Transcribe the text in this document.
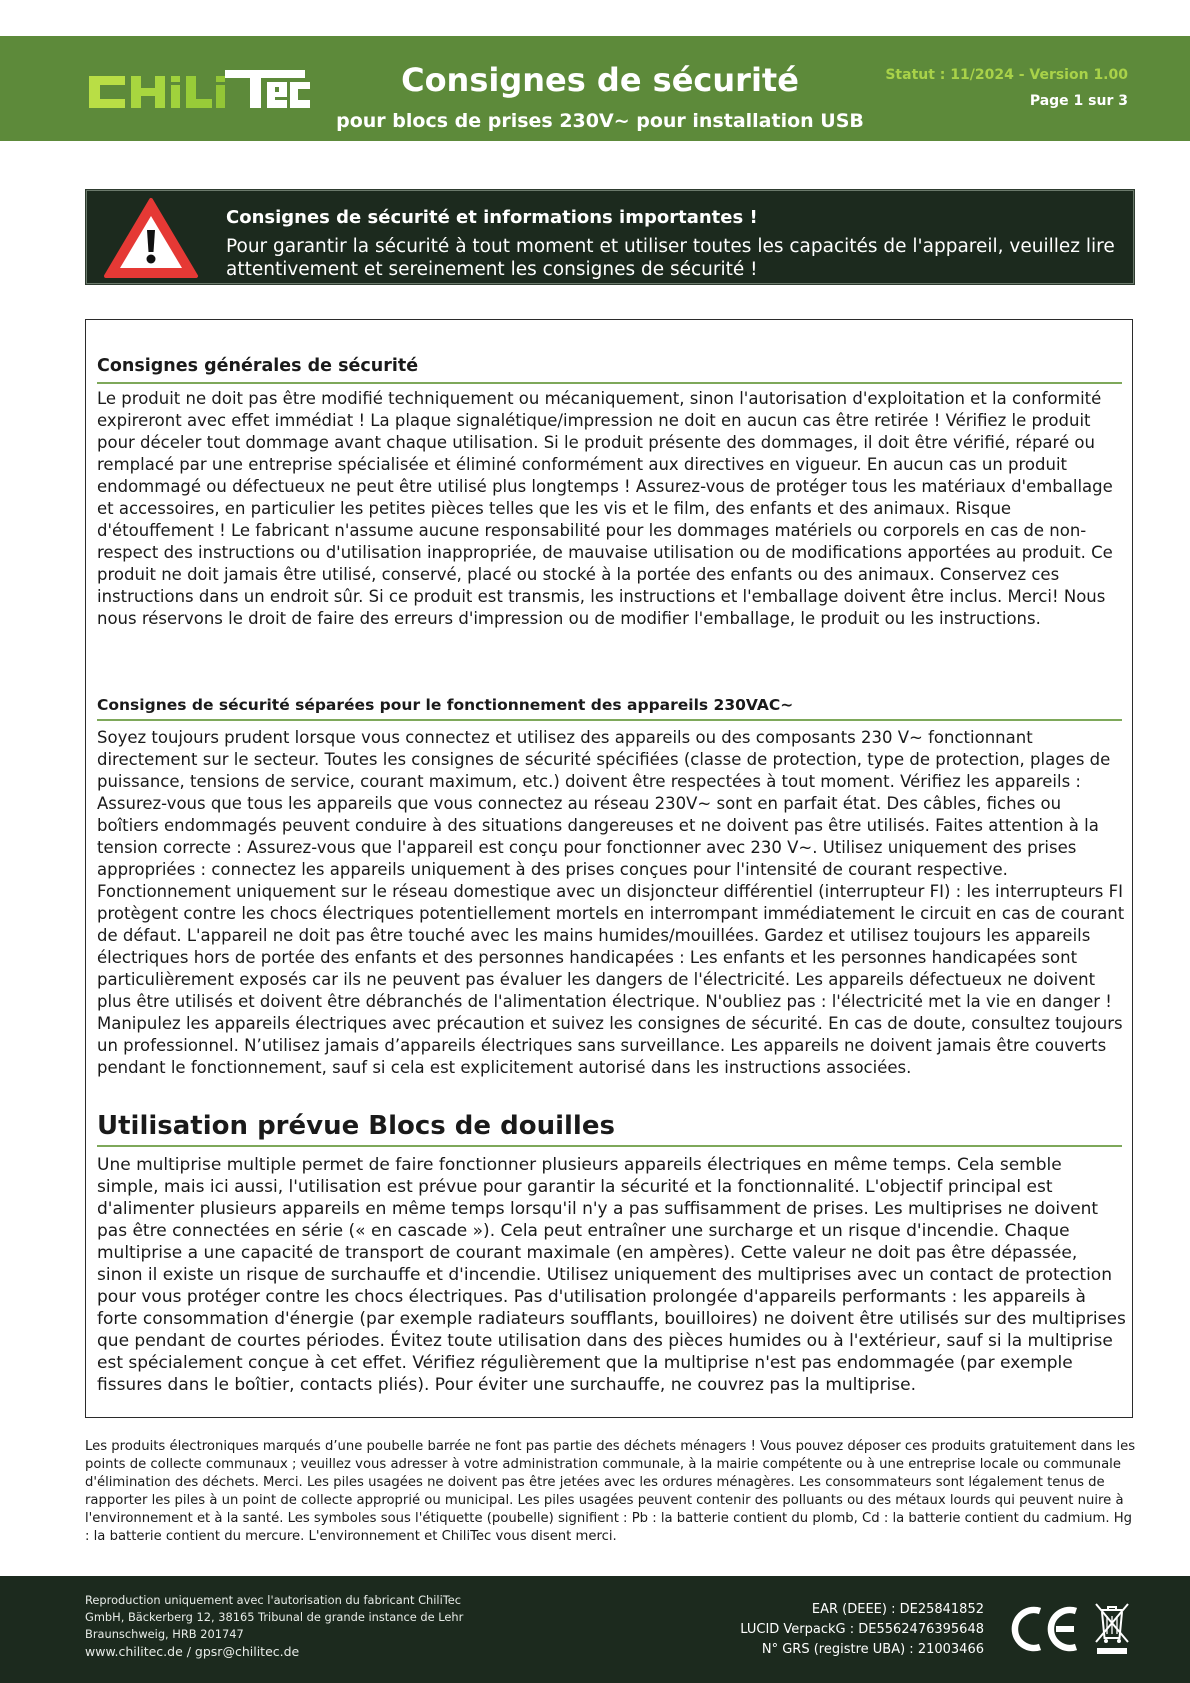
Consignes de sécurité
pour blocs de prises 230V~ pour installation USB
Statut : 11/2024 - Version 1.00
Page 1 sur 3
Consignes de sécurité et informations importantes !
Pour garantir la sécurité à tout moment et utiliser toutes les capacités de l'appareil, veuillez lire attentivement et sereinement les consignes de sécurité !
Consignes générales de sécurité
Le produit ne doit pas être modifié techniquement ou mécaniquement, sinon l'autorisation d'exploitation et la conformité expireront avec effet immédiat ! La plaque signalétique/impression ne doit en aucun cas être retirée ! Vérifiez le produit pour déceler tout dommage avant chaque utilisation. Si le produit présente des dommages, il doit être vérifié, réparé ou remplacé par une entreprise spécialisée et éliminé conformément aux directives en vigueur. En aucun cas un produit endommagé ou défectueux ne peut être utilisé plus longtemps ! Assurez-vous de protéger tous les matériaux d'emballage et accessoires, en particulier les petites pièces telles que les vis et le film, des enfants et des animaux. Risque d'étouffement ! Le fabricant n'assume aucune responsabilité pour les dommages matériels ou corporels en cas de non-respect des instructions ou d'utilisation inappropriée, de mauvaise utilisation ou de modifications apportées au produit. Ce produit ne doit jamais être utilisé, conservé, placé ou stocké à la portée des enfants ou des animaux. Conservez ces instructions dans un endroit sûr. Si ce produit est transmis, les instructions et l'emballage doivent être inclus. Merci! Nous nous réservons le droit de faire des erreurs d'impression ou de modifier l'emballage, le produit ou les instructions.
Consignes de sécurité séparées pour le fonctionnement des appareils 230VAC~
Soyez toujours prudent lorsque vous connectez et utilisez des appareils ou des composants 230 V~ fonctionnant directement sur le secteur. Toutes les consignes de sécurité spécifiées (classe de protection, type de protection, plages de puissance, tensions de service, courant maximum, etc.) doivent être respectées à tout moment. Vérifiez les appareils : Assurez-vous que tous les appareils que vous connectez au réseau 230V~ sont en parfait état. Des câbles, fiches ou boîtiers endommagés peuvent conduire à des situations dangereuses et ne doivent pas être utilisés. Faites attention à la tension correcte : Assurez-vous que l'appareil est conçu pour fonctionner avec 230 V~. Utilisez uniquement des prises appropriées : connectez les appareils uniquement à des prises conçues pour l'intensité de courant respective. Fonctionnement uniquement sur le réseau domestique avec un disjoncteur différentiel (interrupteur FI) : les interrupteurs FI protègent contre les chocs électriques potentiellement mortels en interrompant immédiatement le circuit en cas de courant de défaut. L'appareil ne doit pas être touché avec les mains humides/mouillées. Gardez et utilisez toujours les appareils électriques hors de portée des enfants et des personnes handicapées : Les enfants et les personnes handicapées sont particulièrement exposés car ils ne peuvent pas évaluer les dangers de l'électricité. Les appareils défectueux ne doivent plus être utilisés et doivent être débranchés de l'alimentation électrique. N'oubliez pas : l'électricité met la vie en danger ! Manipulez les appareils électriques avec précaution et suivez les consignes de sécurité. En cas de doute, consultez toujours un professionnel. N’utilisez jamais d’appareils électriques sans surveillance. Les appareils ne doivent jamais être couverts pendant le fonctionnement, sauf si cela est explicitement autorisé dans les instructions associées.
Utilisation prévue Blocs de douilles
Une multiprise multiple permet de faire fonctionner plusieurs appareils électriques en même temps. Cela semble simple, mais ici aussi, l'utilisation est prévue pour garantir la sécurité et la fonctionnalité. L'objectif principal est d'alimenter plusieurs appareils en même temps lorsqu'il n'y a pas suffisamment de prises. Les multiprises ne doivent pas être connectées en série (« en cascade »). Cela peut entraîner une surcharge et un risque d'incendie. Chaque multiprise a une capacité de transport de courant maximale (en ampères). Cette valeur ne doit pas être dépassée, sinon il existe un risque de surchauffe et d'incendie. Utilisez uniquement des multiprises avec un contact de protection pour vous protéger contre les chocs électriques. Pas d'utilisation prolongée d'appareils performants : les appareils à forte consommation d'énergie (par exemple radiateurs soufflants, bouilloires) ne doivent être utilisés sur des multiprises que pendant de courtes périodes. Évitez toute utilisation dans des pièces humides ou à l'extérieur, sauf si la multiprise est spécialement conçue à cet effet. Vérifiez régulièrement que la multiprise n'est pas endommagée (par exemple fissures dans le boîtier, contacts pliés). Pour éviter une surchauffe, ne couvrez pas la multiprise.
Les produits électroniques marqués d’une poubelle barrée ne font pas partie des déchets ménagers ! Vous pouvez déposer ces produits gratuitement dans les points de collecte communaux ; veuillez vous adresser à votre administration communale, à la mairie compétente ou à une entreprise locale ou communale d'élimination des déchets. Merci. Les piles usagées ne doivent pas être jetées avec les ordures ménagères. Les consommateurs sont légalement tenus de rapporter les piles à un point de collecte approprié ou municipal. Les piles usagées peuvent contenir des polluants ou des métaux lourds qui peuvent nuire à l'environnement et à la santé. Les symboles sous l'étiquette (poubelle) signifient : Pb : la batterie contient du plomb, Cd : la batterie contient du cadmium. Hg : la batterie contient du mercure. L'environnement et ChiliTec vous disent merci.
Reproduction uniquement avec l'autorisation du fabricant ChiliTec
GmbH, Bäckerberg 12, 38165 Tribunal de grande instance de Lehr
Braunschweig, HRB 201747
www.chilitec.de / gpsr@chilitec.de
EAR (DEEE) : DE25841852
LUCID VerpackG : DE5562476395648
N° GRS (registre UBA) : 21003466
